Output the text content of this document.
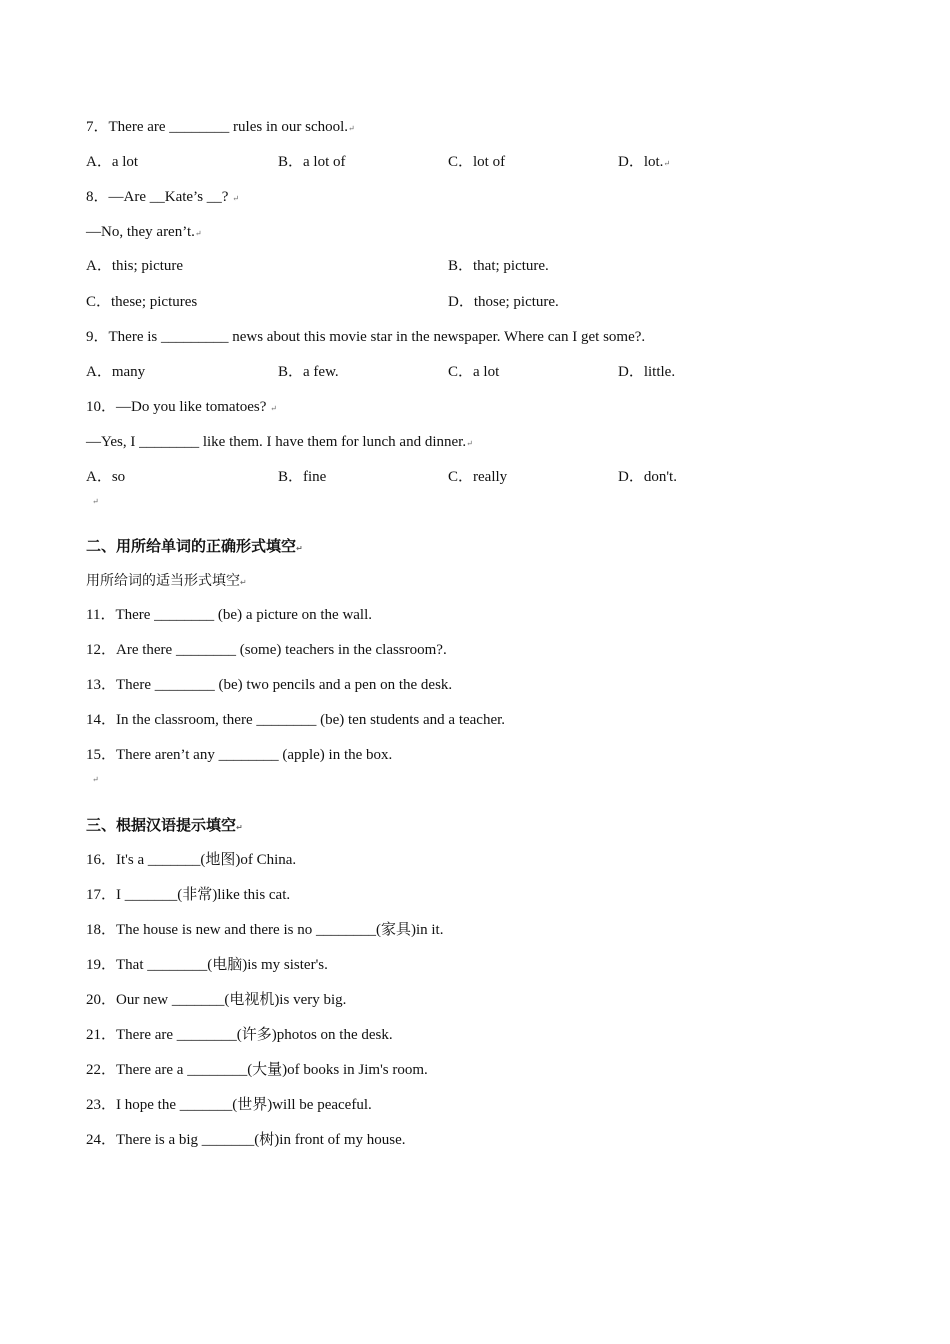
7．There are ________ rules in our school.↵
A．a lot	B．a lot of	C．lot of	D．lot.↵
8．—Are __Kate’s __? ↵
—No, they aren’t.↵
A．this; picture	B．that; picture.
C．these; pictures	D．those; picture.
9．There is _________ news about this movie star in the newspaper. Where can I get some?.
A．many	B．a few.	C．a lot	D．little.
10．—Do you like tomatoes? ↵
—Yes, I ________ like them. I have them for lunch and dinner.↵
A．so	B．fine	C．really	D．don't.
↵
二、用所给单词的正确形式填空↵
用所给词的适当形式填空↵
11．There ________ (be) a picture on the wall.
12．Are there ________ (some) teachers in the classroom?.
13．There ________ (be) two pencils and a pen on the desk.
14．In the classroom, there ________ (be) ten students and a teacher.
15．There aren’t any ________ (apple) in the box.
↵
三、根据汉语提示填空↵
16．It's a _______(地图)of China.
17．I _______(非常)like this cat.
18．The house is new and there is no ________(家具)in it.
19．That ________(电脑)is my sister's.
20．Our new _______(电视机)is very big.
21．There are ________(许多)photos on the desk.
22．There are a ________(大量)of books in Jim's room.
23．I hope the _______(世界)will be peaceful.
24．There is a big _______(树)in front of my house.
